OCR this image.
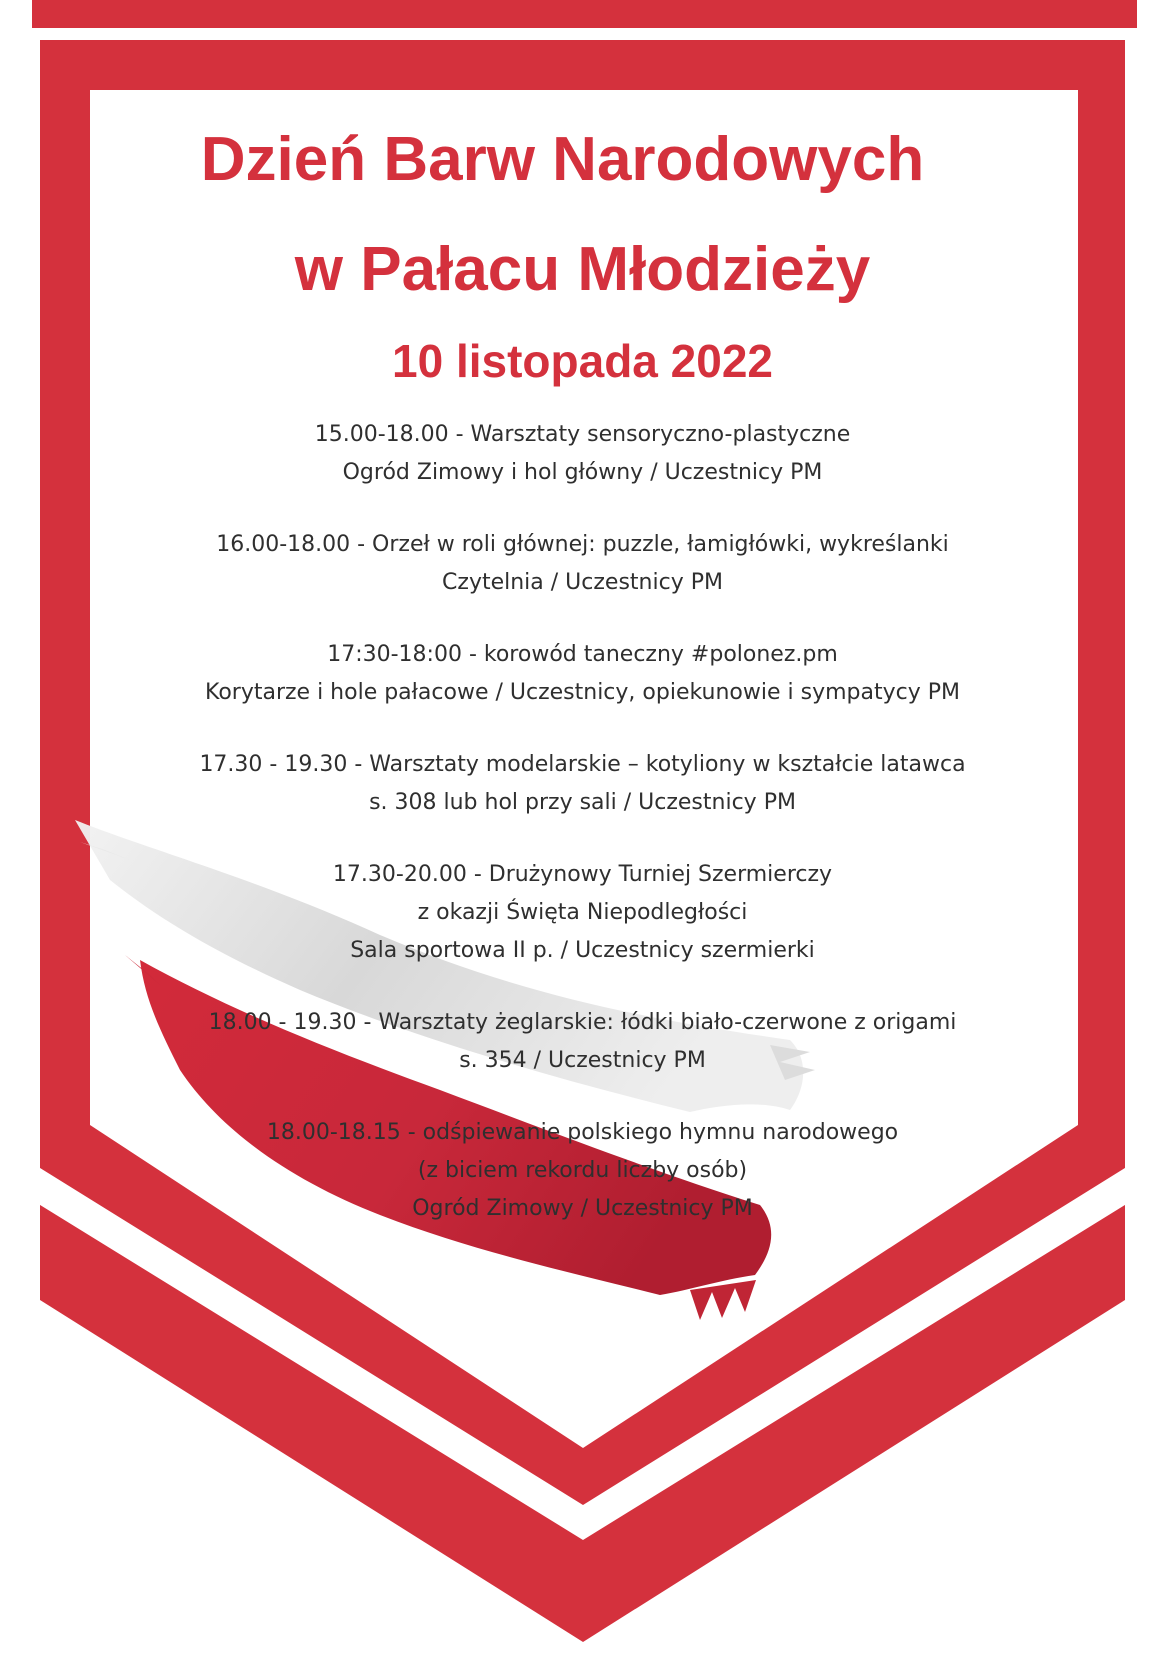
Dzień Barw Narodowych
w Pałacu Młodzieży
10 listopada 2022
15.00-18.00 - Warsztaty sensoryczno-plastyczne
Ogród Zimowy i hol główny / Uczestnicy PM
16.00-18.00 - Orzeł w roli głównej: puzzle, łamigłówki, wykreślanki
Czytelnia / Uczestnicy PM
17:30-18:00 - korowód taneczny #polonez.pm
Korytarze i hole pałacowe / Uczestnicy, opiekunowie i sympatycy PM
17.30 - 19.30 - Warsztaty modelarskie – kotyliony w kształcie latawca
s. 308 lub hol przy sali / Uczestnicy PM
17.30-20.00 - Drużynowy Turniej Szermierczy
z okazji Święta Niepodległości
Sala sportowa II p. / Uczestnicy szermierki
18.00 - 19.30 - Warsztaty żeglarskie: łódki biało-czerwone z origami
s. 354 / Uczestnicy PM
18.00-18.15 - odśpiewanie polskiego hymnu narodowego
(z biciem rekordu liczby osób)
Ogród Zimowy / Uczestnicy PM
